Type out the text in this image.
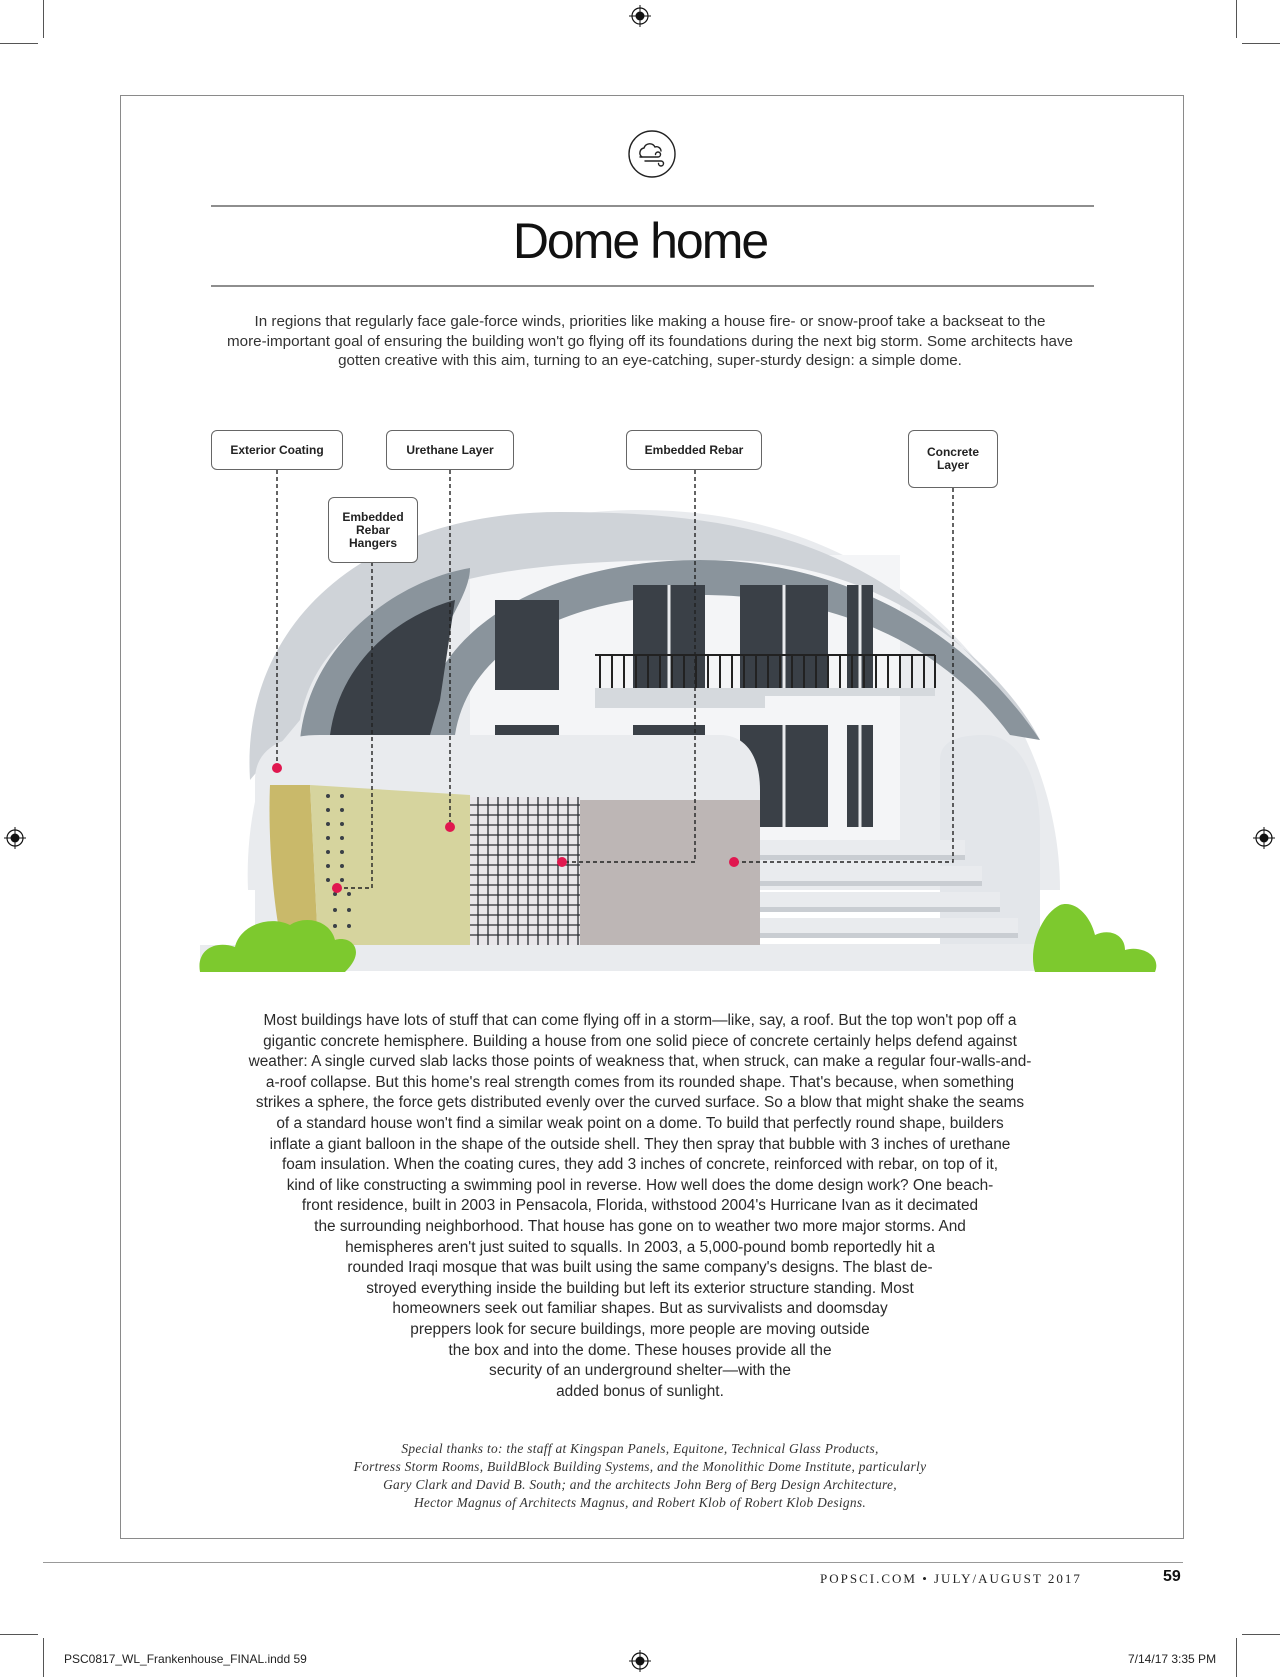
Dome home
In regions that regularly face gale-force winds, priorities like making a house fire- or snow-proof take a backseat to the
more-important goal of ensuring the building won't go flying off its foundations during the next big storm. Some architects have
gotten creative with this aim, turning to an eye-catching, super-sturdy design: a simple dome.
Exterior Coating	Urethane Layer	Embedded Rebar	Concrete Layer
Embedded Rebar Hangers
Most buildings have lots of stuff that can come flying off in a storm—like, say, a roof. But the top won't pop off a
gigantic concrete hemisphere. Building a house from one solid piece of concrete certainly helps defend against
weather: A single curved slab lacks those points of weakness that, when struck, can make a regular four-walls-and-
a-roof collapse. But this home's real strength comes from its rounded shape. That's because, when something
strikes a sphere, the force gets distributed evenly over the curved surface. So a blow that might shake the seams
of a standard house won't find a similar weak point on a dome. To build that perfectly round shape, builders
inflate a giant balloon in the shape of the outside shell. They then spray that bubble with 3 inches of urethane
foam insulation. When the coating cures, they add 3 inches of concrete, reinforced with rebar, on top of it,
kind of like constructing a swimming pool in reverse. How well does the dome design work? One beach-
front residence, built in 2003 in Pensacola, Florida, withstood 2004's Hurricane Ivan as it decimated
the surrounding neighborhood. That house has gone on to weather two more major storms. And
hemispheres aren't just suited to squalls. In 2003, a 5,000-pound bomb reportedly hit a
rounded Iraqi mosque that was built using the same company's designs. The blast de-
stroyed everything inside the building but left its exterior structure standing. Most
homeowners seek out familiar shapes. But as survivalists and doomsday
preppers look for secure buildings, more people are moving outside
the box and into the dome. These houses provide all the
security of an underground shelter—with the
added bonus of sunlight.
Special thanks to: the staff at Kingspan Panels, Equitone, Technical Glass Products,
Fortress Storm Rooms, BuildBlock Building Systems, and the Monolithic Dome Institute, particularly
Gary Clark and David B. South; and the architects John Berg of Berg Design Architecture,
Hector Magnus of Architects Magnus, and Robert Klob of Robert Klob Designs.
POPSCI.COM • JULY/AUGUST 2017	59
PSC0817_WL_Frankenhouse_FINAL.indd 59	7/14/17 3:35 PM
